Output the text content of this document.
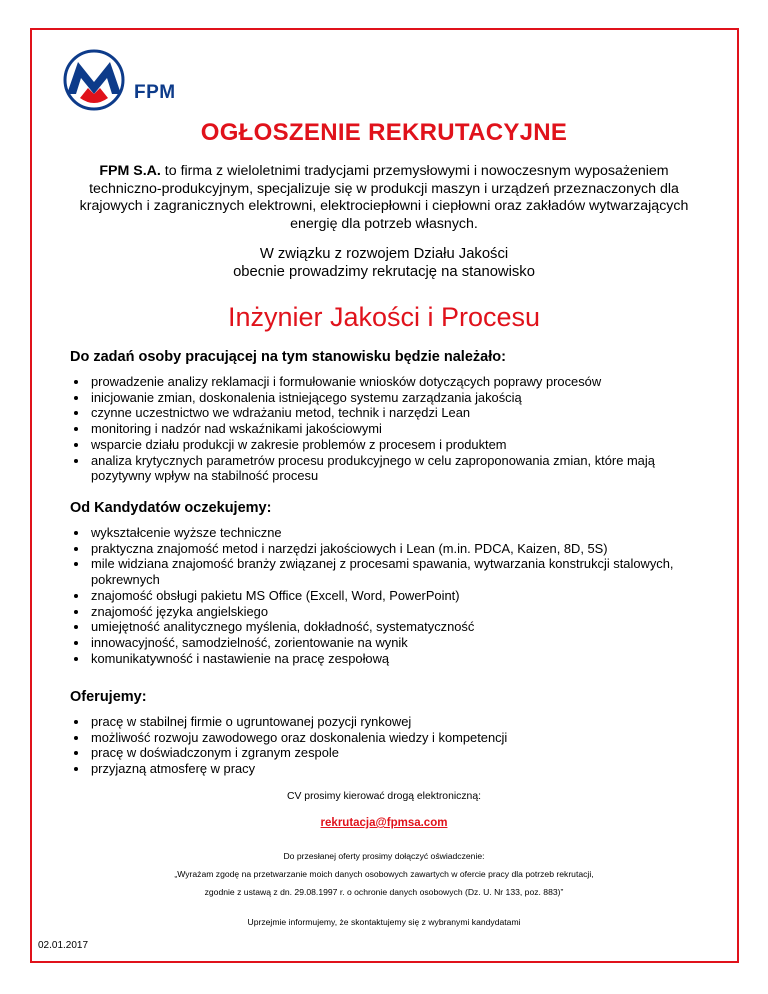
FPM
OGŁOSZENIE REKRUTACYJNE
FPM S.A. to firma z wieloletnimi tradycjami przemysłowymi i nowoczesnym wyposażeniem
techniczno-produkcyjnym, specjalizuje się w produkcji maszyn i urządzeń przeznaczonych dla
krajowych i zagranicznych elektrowni, elektrociepłowni i ciepłowni oraz zakładów wytwarzających
energię dla potrzeb własnych.
W związku z rozwojem Działu Jakości
obecnie prowadzimy rekrutację na stanowisko
Inżynier Jakości i Procesu
Do zadań osoby pracującej na tym stanowisku będzie należało:
prowadzenie analizy reklamacji i formułowanie wniosków dotyczących poprawy procesów
inicjowanie zmian, doskonalenia istniejącego systemu zarządzania jakością
czynne uczestnictwo we wdrażaniu metod, technik i narzędzi Lean
monitoring i nadzór nad wskaźnikami jakościowymi
wsparcie działu produkcji w zakresie problemów z procesem i produktem
analiza krytycznych parametrów procesu produkcyjnego w celu zaproponowania zmian, które mają pozytywny wpływ na stabilność procesu
Od Kandydatów oczekujemy:
wykształcenie wyższe techniczne
praktyczna znajomość metod i narzędzi jakościowych i Lean (m.in. PDCA, Kaizen, 8D, 5S)
mile widziana znajomość branży związanej z procesami spawania, wytwarzania konstrukcji stalowych, pokrewnych
znajomość obsługi pakietu MS Office (Excell, Word, PowerPoint)
znajomość języka angielskiego
umiejętność analitycznego myślenia, dokładność, systematyczność
innowacyjność, samodzielność, zorientowanie na wynik
komunikatywność i nastawienie na pracę zespołową
Oferujemy:
pracę w stabilnej firmie o ugruntowanej pozycji rynkowej
możliwość rozwoju zawodowego oraz doskonalenia wiedzy i kompetencji
pracę w doświadczonym i zgranym zespole
przyjazną atmosferę w pracy
CV prosimy kierować drogą elektroniczną:
rekrutacja@fpmsa.com
Do przesłanej oferty prosimy dołączyć oświadczenie:
„Wyrażam zgodę na przetwarzanie moich danych osobowych zawartych w ofercie pracy dla potrzeb rekrutacji,
zgodnie z ustawą z dn. 29.08.1997 r. o ochronie danych osobowych (Dz. U. Nr 133, poz. 883)”
Uprzejmie informujemy, że skontaktujemy się z wybranymi kandydatami
02.01.2017
